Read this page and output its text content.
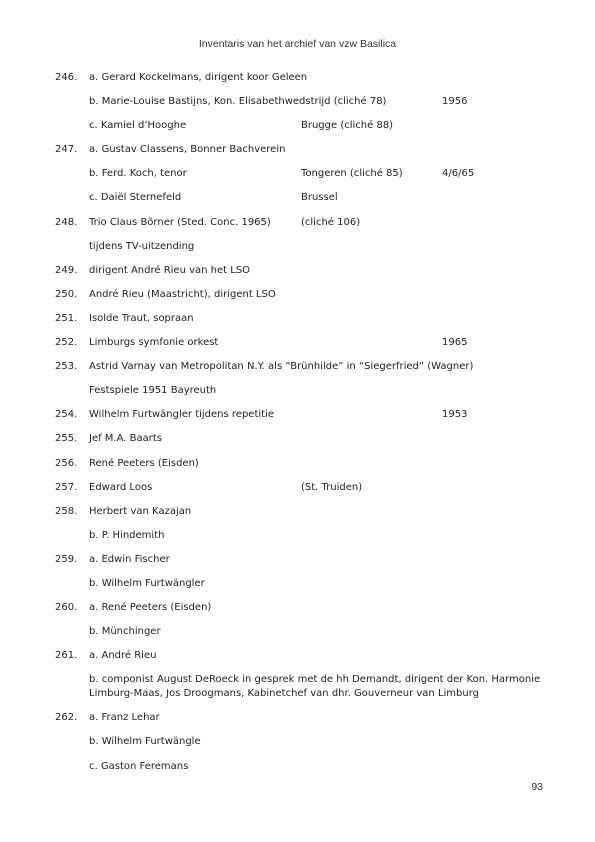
Inventaris van het archief van vzw Basilica
246. a. Gerard Kockelmans, dirigent koor Geleen
b. Marie-Louise Bastijns, Kon. Elisabethwedstrijd (cliché 78)	1956
c. Kamiel d’Hooghe	Brugge (cliché 88)
247. a. Gustav Classens, Bonner Bachverein
b. Ferd. Koch, tenor	Tongeren (cliché 85)	4/6/65
c. Daiël Sternefeld	Brussel
248. Trio Claus Bõrner (Sted. Conc. 1965)	(cliché 106)
tijdens TV-uitzending
249. dirigent André Rieu van het LSO
250. André Rieu (Maastricht), dirigent LSO
251. Isolde Traut, sopraan
252. Limburgs symfonie orkest	1965
253. Astrid Varnay van Metropolitan N.Y. als “Brünhilde” in “Siegerfried” (Wagner)
Festspiele 1951 Bayreuth
254. Wilhelm Furtwängler tijdens repetitie	1953
255. Jef M.A. Baarts
256. René Peeters (Eisden)
257. Edward Loos	(St. Truiden)
258. Herbert van Kazajan
b. P. Hindemith
259. a. Edwin Fischer
b. Wilhelm Furtwängler
260. a. René Peeters (Eisden)
b. Münchinger
261. a. André Rieu
b. componist August DeRoeck in gesprek met de hh Demandt, dirigent der Kon. Harmonie Limburg-Maas, Jos Droogmans, Kabinetchef van dhr. Gouverneur van Limburg
262. a. Franz Lehar
b. Wilhelm Furtwängle
c. Gaston Feremans
93
